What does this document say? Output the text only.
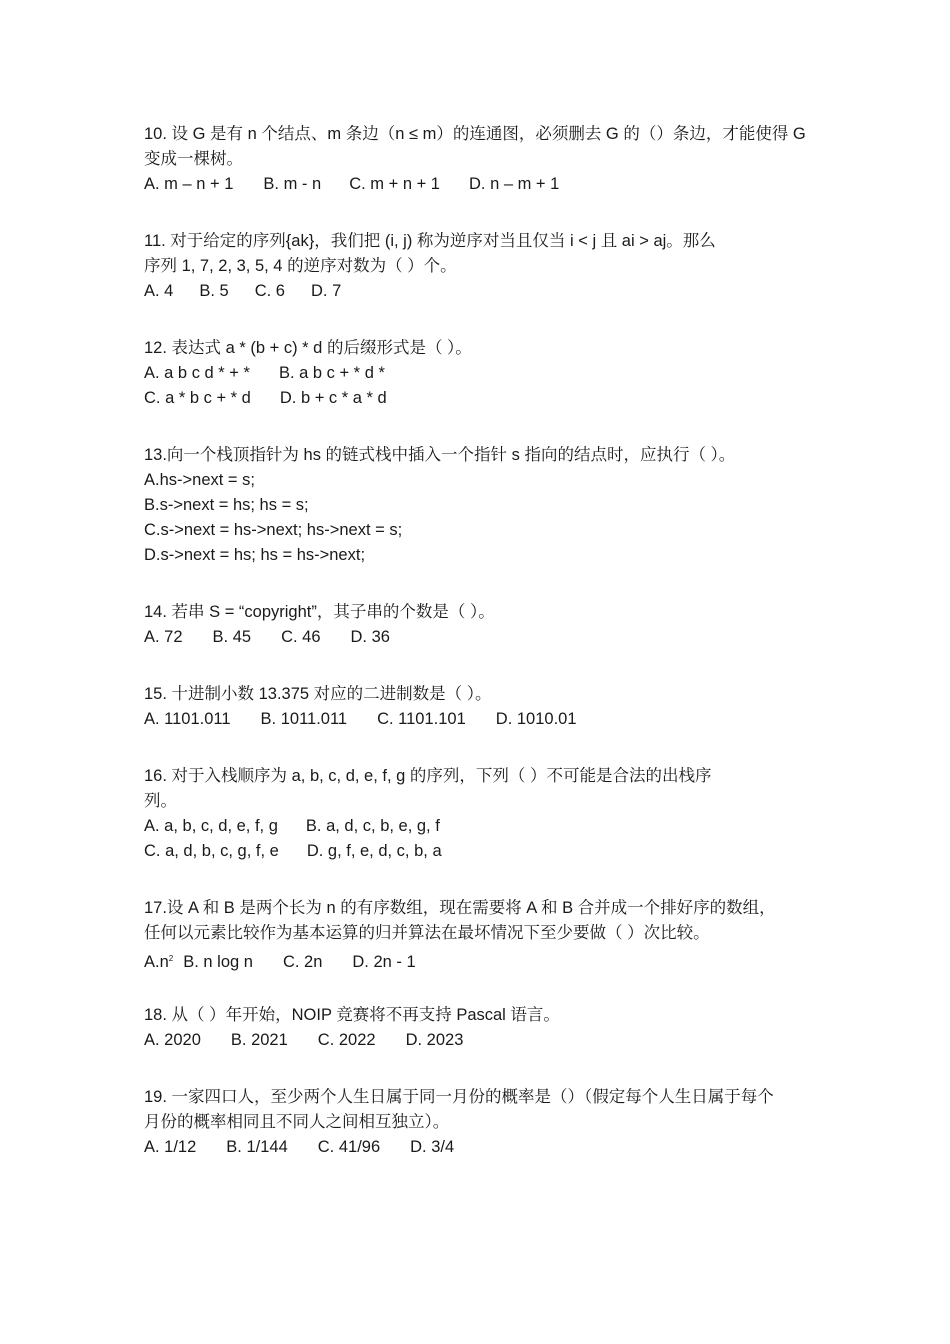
10. 设 G 是有 n 个结点、m 条边（n ≤ m）的连通图，必须删去 G 的（）条边，才能使得 G
变成一棵树。
A. m – n + 1 B. m - n C. m + n + 1 D. n – m + 1
11. 对于给定的序列{ak}，我们把 (i, j) 称为逆序对当且仅当 i < j 且 ai > aj。那么
序列 1, 7, 2, 3, 5, 4 的逆序对数为（ ）个。
A. 4 B. 5 C. 6 D. 7
12. 表达式 a * (b + c) * d 的后缀形式是（ ）。
A. a b c d * + * B. a b c + * d *
C. a * b c + * d D. b + c * a * d
13.向一个栈顶指针为 hs 的链式栈中插入一个指针 s 指向的结点时，应执行（ ）。
A.hs->next = s;
B.s->next = hs; hs = s;
C.s->next = hs->next; hs->next = s;
D.s->next = hs; hs = hs->next;
14. 若串 S = “copyright”，其子串的个数是（ ）。
A. 72 B. 45 C. 46 D. 36
15. 十进制小数 13.375 对应的二进制数是（ ）。
A. 1101.011 B. 1011.011 C. 1101.101 D. 1010.01
16. 对于入栈顺序为 a, b, c, d, e, f, g 的序列，下列（ ）不可能是合法的出栈序
列。
A. a, b, c, d, e, f, g B. a, d, c, b, e, g, f
C. a, d, b, c, g, f, e D. g, f, e, d, c, b, a
17.设 A 和 B 是两个长为 n 的有序数组，现在需要将 A 和 B 合并成一个排好序的数组，
任何以元素比较作为基本运算的归并算法在最坏情况下至少要做（ ）次比较。
$A.n^2$ B. n log n C. 2n D. 2n - 1
18. 从（ ）年开始，NOIP 竞赛将不再支持 Pascal 语言。
A. 2020 B. 2021 C. 2022 D. 2023
19. 一家四口人，至少两个人生日属于同一月份的概率是（）（假定每个人生日属于每个
月份的概率相同且不同人之间相互独立）。
A. 1/12 B. 1/144 C. 41/96 D. 3/4
